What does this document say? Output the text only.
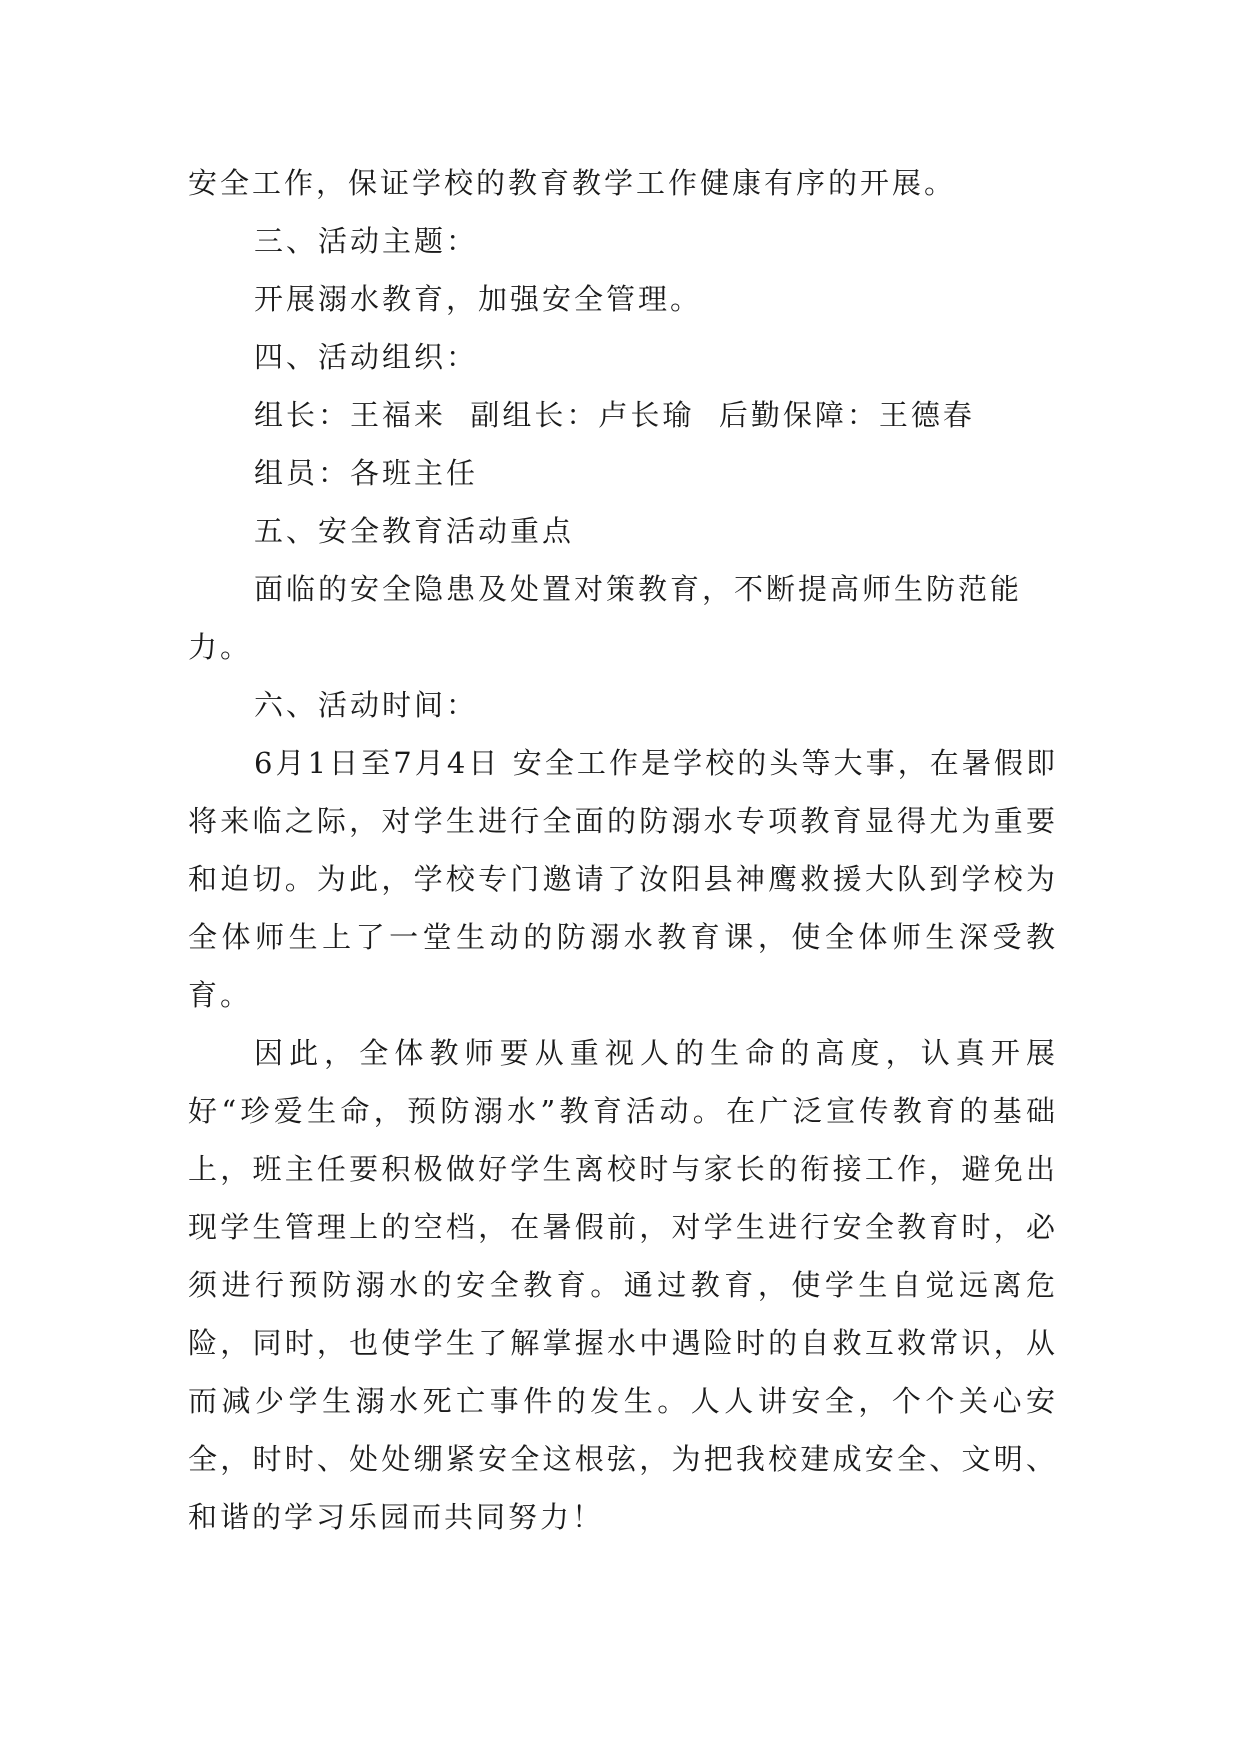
安全工作，保证学校的教育教学工作健康有序的开展。
三、活动主题：
开展溺水教育，加强安全管理。
四、活动组织：
组长：王福来  副组长：卢长瑜  后勤保障：王德春
组员：各班主任
五、安全教育活动重点
面临的安全隐患及处置对策教育，不断提高师生防范能
力。
六、活动时间：

6月1日至7月4日 安全工作是学校的头等大事，在暑假即将来临之际，对学生进行全面的防溺水专项教育显得尤为重要和迫切。为此，学校专门邀请了汝阳县神鹰救援大队到学校为全体师生上了一堂生动的防溺水教育课，使全体师生深受教育。

因此，全体教师要从重视人的生命的高度，认真开展好“珍爱生命，预防溺水”教育活动。在广泛宣传教育的基础上，班主任要积极做好学生离校时与家长的衔接工作，避免出现学生管理上的空档，在暑假前，对学生进行安全教育时，必须进行预防溺水的安全教育。通过教育，使学生自觉远离危险，同时，也使学生了解掌握水中遇险时的自救互救常识，从而减少学生溺水死亡事件的发生。人人讲安全，个个关心安全，时时、处处绷紧安全这根弦，为把我校建成安全、文明、和谐的学习乐园而共同努力！
